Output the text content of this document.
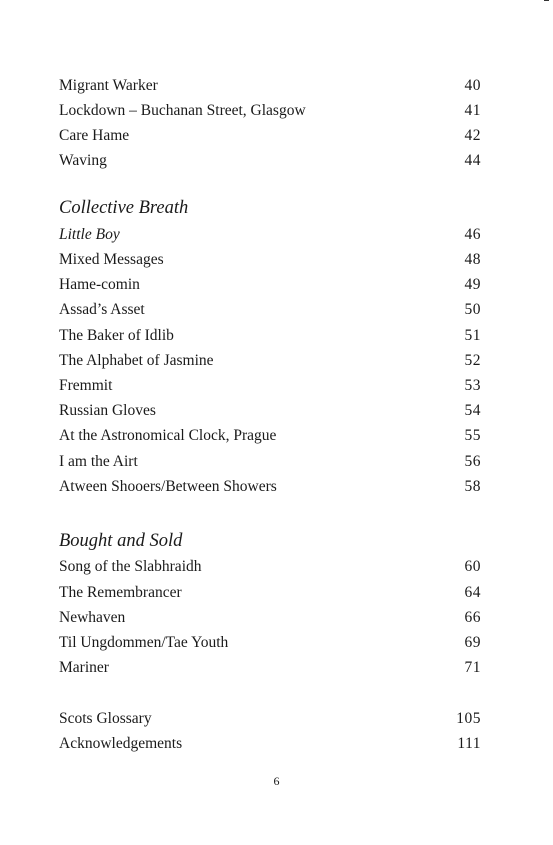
Migrant Warker	40
Lockdown – Buchanan Street, Glasgow	41
Care Hame	42
Waving	44
Collective Breath
Little Boy	46
Mixed Messages	48
Hame-comin	49
Assad’s Asset	50
The Baker of Idlib	51
The Alphabet of Jasmine	52
Fremmit	53
Russian Gloves	54
At the Astronomical Clock, Prague	55
I am the Airt	56
Atween Shooers/Between Showers	58
Bought and Sold
Song of the Slabhraidh	60
The Remembrancer	64
Newhaven	66
Til Ungdommen/Tae Youth	69
Mariner	71
Scots Glossary	105
Acknowledgements	111
6
